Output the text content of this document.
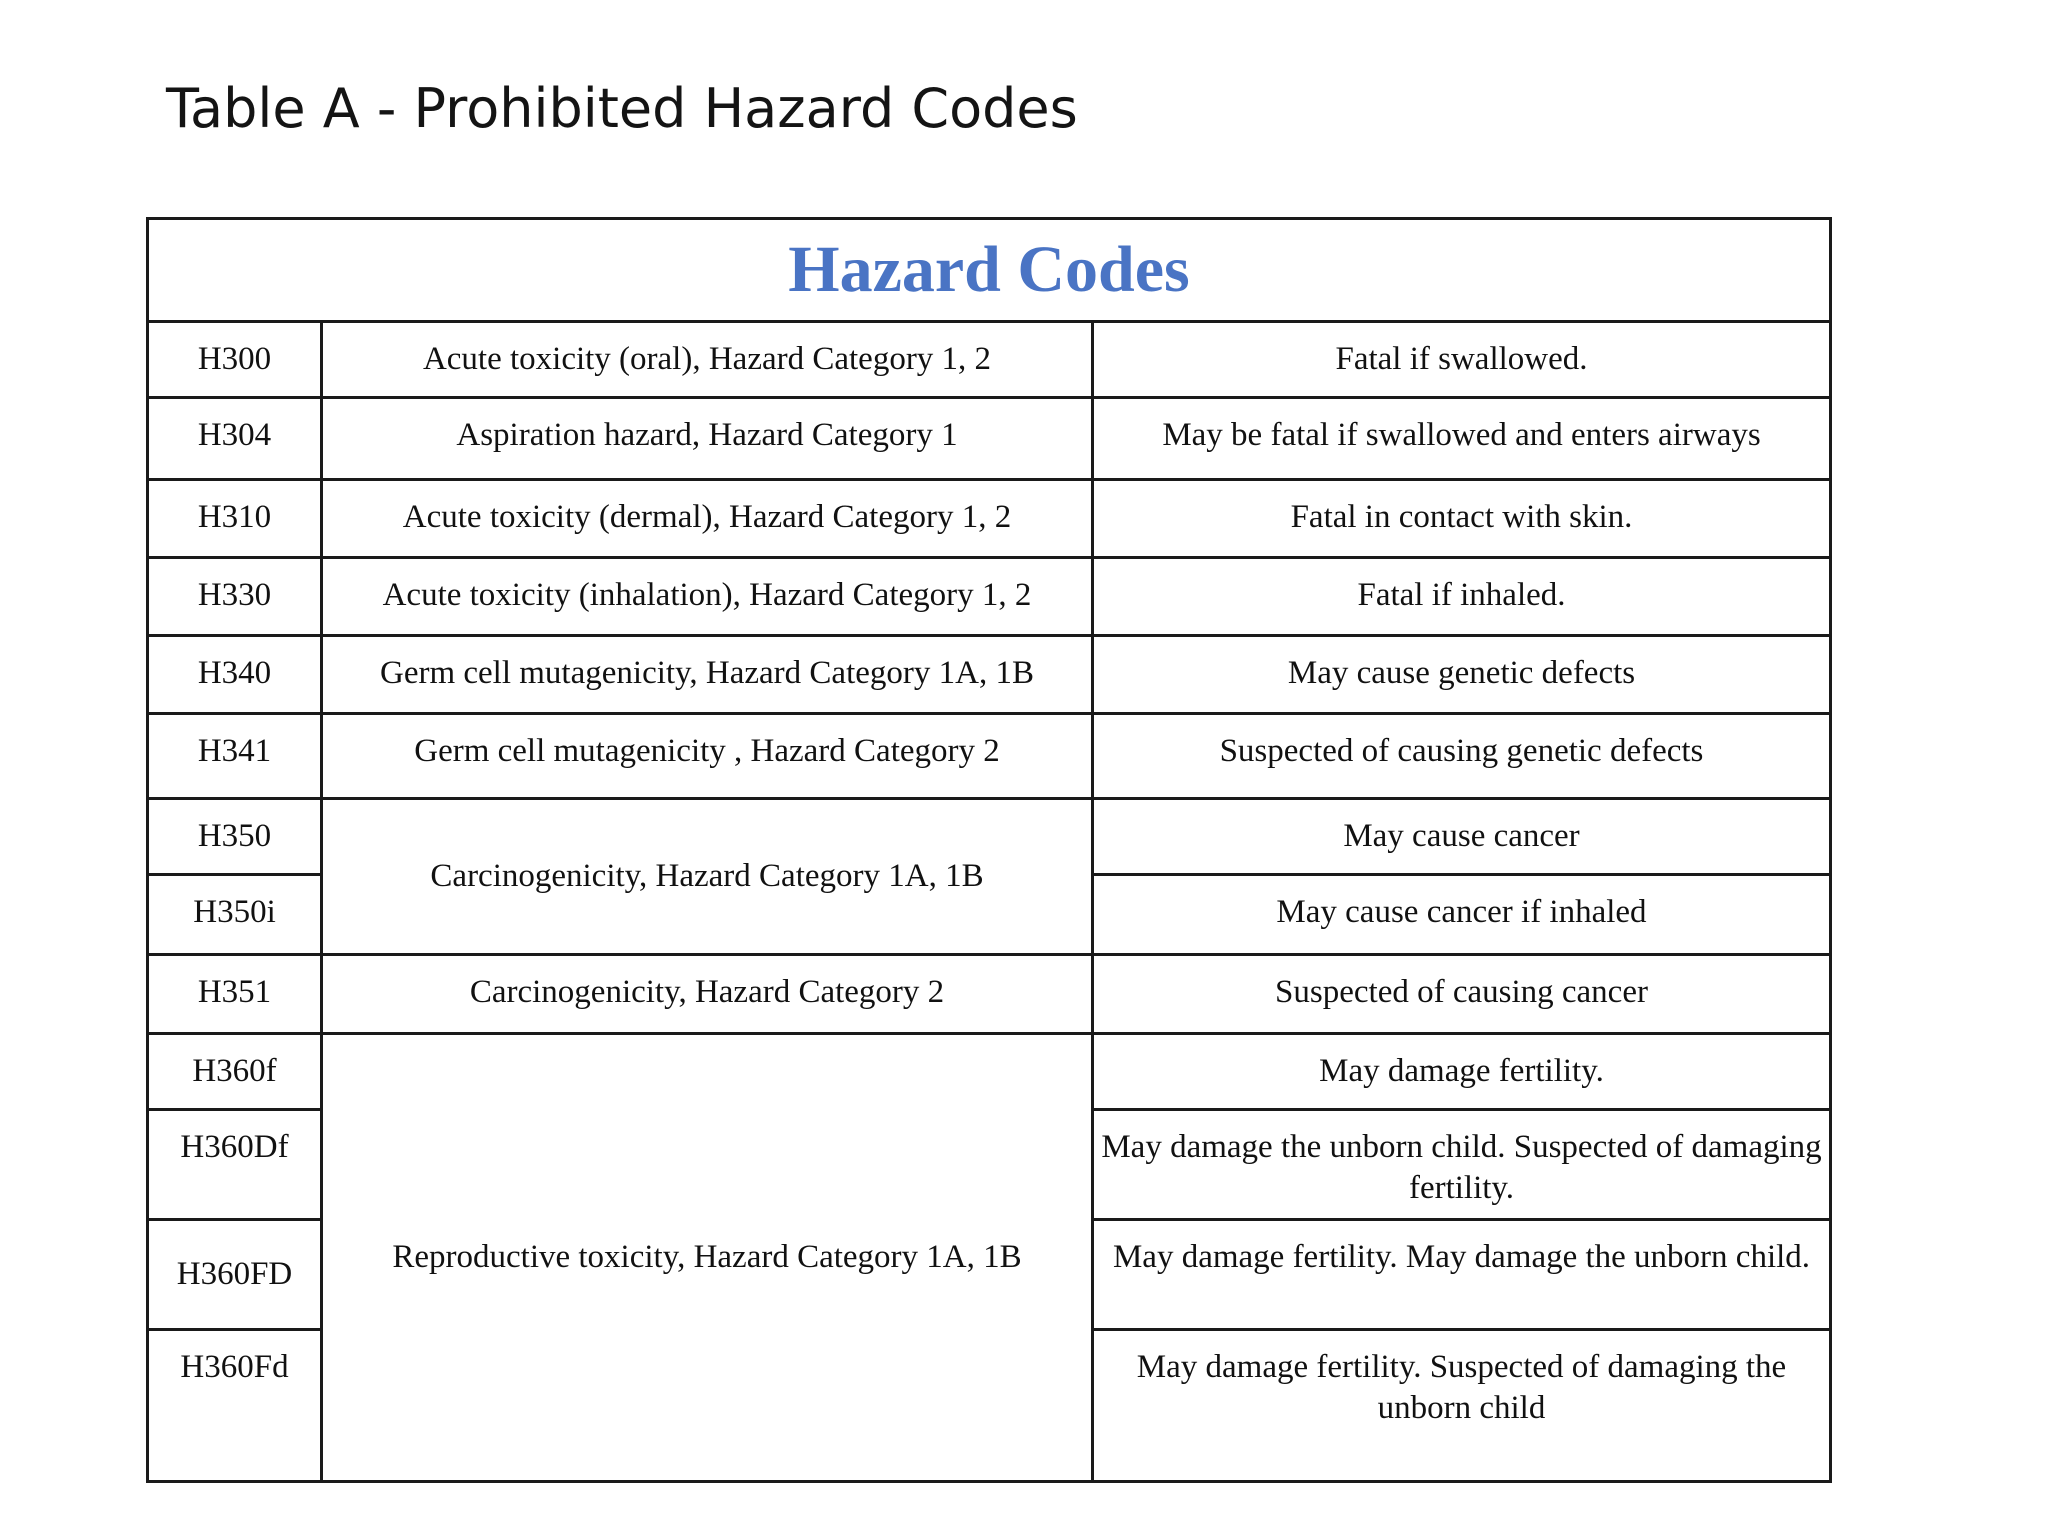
Table A - Prohibited Hazard Codes
Hazard Codes		
H300	Acute toxicity (oral), Hazard Category 1, 2	Fatal if swallowed.
H304	Aspiration hazard, Hazard Category 1	May be fatal if swallowed and enters airways
H310	Acute toxicity (dermal), Hazard Category 1, 2	Fatal in contact with skin.
H330	Acute toxicity (inhalation), Hazard Category 1, 2	Fatal if inhaled.
H340	Germ cell mutagenicity, Hazard Category 1A, 1B	May cause genetic defects
H341	Germ cell mutagenicity , Hazard Category 2	Suspected of causing genetic defects
H350	Carcinogenicity, Hazard Category 1A, 1B	May cause cancer
H350i		May cause cancer if inhaled
H351	Carcinogenicity, Hazard Category 2	Suspected of causing cancer
H360f	Reproductive toxicity, Hazard Category 1A, 1B	May damage fertility.
H360Df		May damage the unborn child. Suspected of damaging fertility.
H360FD		May damage fertility. May damage the unborn child.
H360Fd		May damage fertility. Suspected of damaging the unborn child
